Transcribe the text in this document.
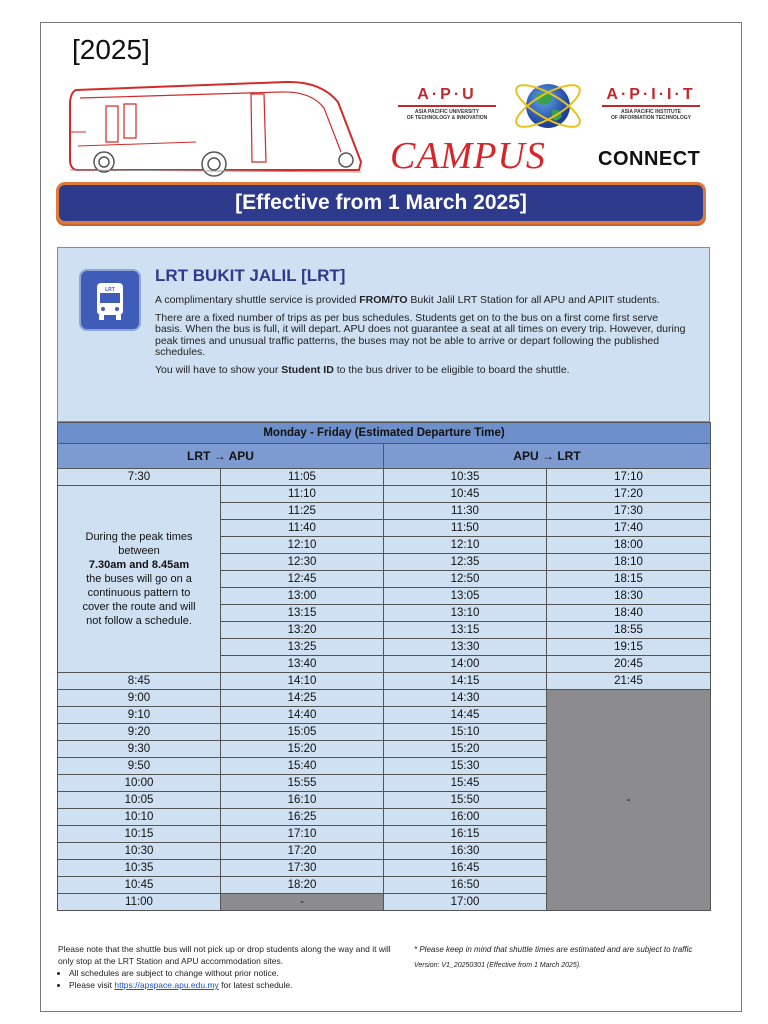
[2025]
A·P·U
ASIA PACIFIC UNIVERSITY
OF TECHNOLOGY & INNOVATION
A·P·I·I·T
ASIA PACIFIC INSTITUTE
OF INFORMATION TECHNOLOGY
CAMPUS	CONNECT
[Effective from 1 March 2025]
LRT
LRT BUKIT JALIL [LRT]

A complimentary shuttle service is provided FROM/TO Bukit Jalil LRT Station for all APU and APIIT students.

There are a fixed number of trips as per bus schedules. Students get on to the bus on a first come first serve basis. When the bus is full, it will depart. APU does not guarantee a seat at all times on every trip. However, during peak times and unusual traffic patterns, the buses may not be able to arrive or depart following the published schedules.

You will have to show your Student ID to the bus driver to be eligible to board the shuttle.

Monday - Friday (Estimated Departure Time)			
LRT → APU		APU → LRT	
7:30	11:05	10:35	17:10

During the peak times between
7.30am and 8.45am
the buses will go on a continuous pattern to cover the route and will not follow a schedule.	11:10	10:45	17:20
	11:25	11:30	17:30
	11:40	11:50	17:40
	12:10	12:10	18:00
	12:30	12:35	18:10
	12:45	12:50	18:15
	13:00	13:05	18:30
	13:15	13:10	18:40
	13:20	13:15	18:55
	13:25	13:30	19:15
	13:40	14:00	20:45
8:45	14:10	14:15	21:45
9:00	14:25	14:30	-
9:10	14:40	14:45	
9:20	15:05	15:10	
9:30	15:20	15:20	
9:50	15:40	15:30	
10:00	15:55	15:45	
10:05	16:10	15:50	
10:10	16:25	16:00	
10:15	17:10	16:15	
10:30	17:20	16:30	
10:35	17:30	16:45	
10:45	18:20	16:50	
11:00	-	17:00	
Please note that the shuttle bus will not pick up or drop students along the way and it will only stop at the LRT Station and APU accommodation sites.
• All schedules are subject to change without prior notice.
• Please visit https://apspace.apu.edu.my for latest schedule.
* Please keep in mind that shuttle times are estimated and are subject to traffic
Version: V1_20250301 (Effective from 1 March 2025).
